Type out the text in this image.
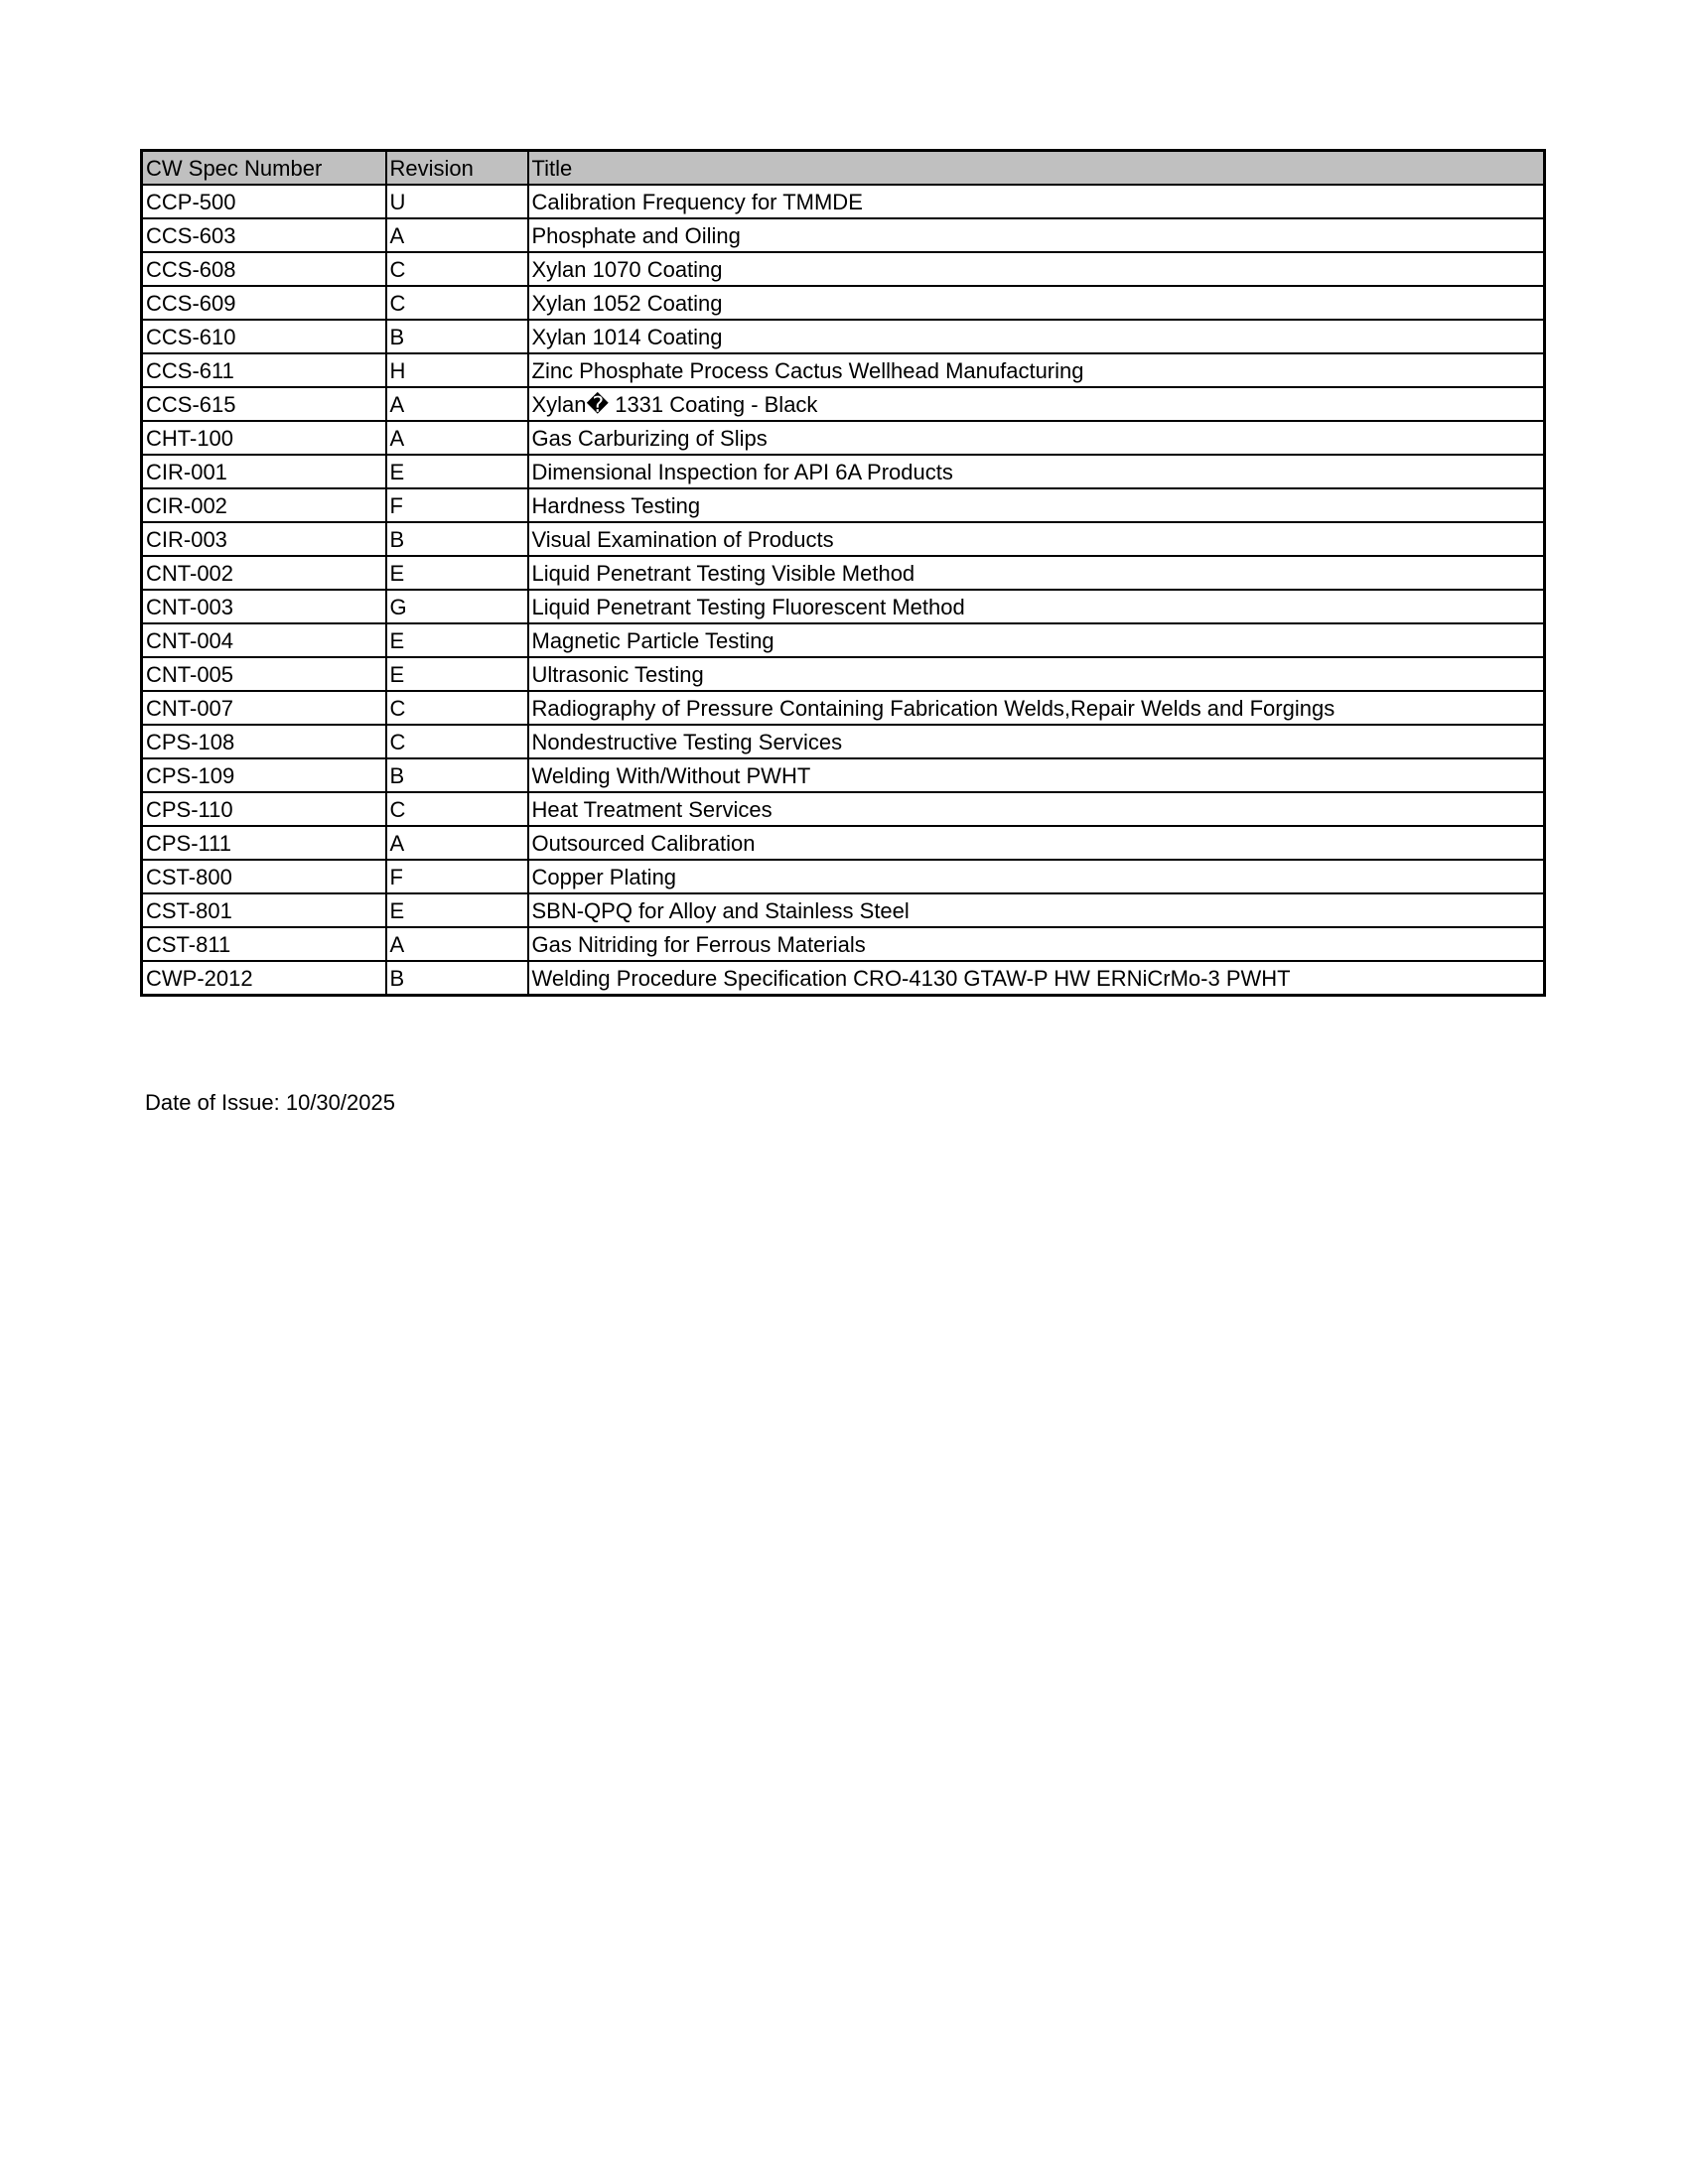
CW Spec Number	Revision	Title
CCP-500	U	Calibration Frequency for TMMDE
CCS-603	A	Phosphate and Oiling
CCS-608	C	Xylan 1070 Coating
CCS-609	C	Xylan 1052 Coating
CCS-610	B	Xylan 1014 Coating
CCS-611	H	Zinc Phosphate Process Cactus Wellhead Manufacturing
CCS-615	A	Xylan� 1331 Coating - Black
CHT-100	A	Gas Carburizing of Slips
CIR-001	E	Dimensional Inspection for API 6A Products
CIR-002	F	Hardness Testing
CIR-003	B	Visual Examination of Products
CNT-002	E	Liquid Penetrant Testing Visible Method
CNT-003	G	Liquid Penetrant Testing Fluorescent Method
CNT-004	E	Magnetic Particle Testing
CNT-005	E	Ultrasonic Testing
CNT-007	C	Radiography of Pressure Containing Fabrication Welds,Repair Welds and Forgings
CPS-108	C	Nondestructive Testing Services
CPS-109	B	Welding With/Without PWHT
CPS-110	C	Heat Treatment Services
CPS-111	A	Outsourced Calibration
CST-800	F	Copper Plating
CST-801	E	SBN-QPQ for Alloy and Stainless Steel
CST-811	A	Gas Nitriding for Ferrous Materials
CWP-2012	B	Welding Procedure Specification CRO-4130 GTAW-P HW ERNiCrMo-3 PWHT
Date of Issue: 10/30/2025
